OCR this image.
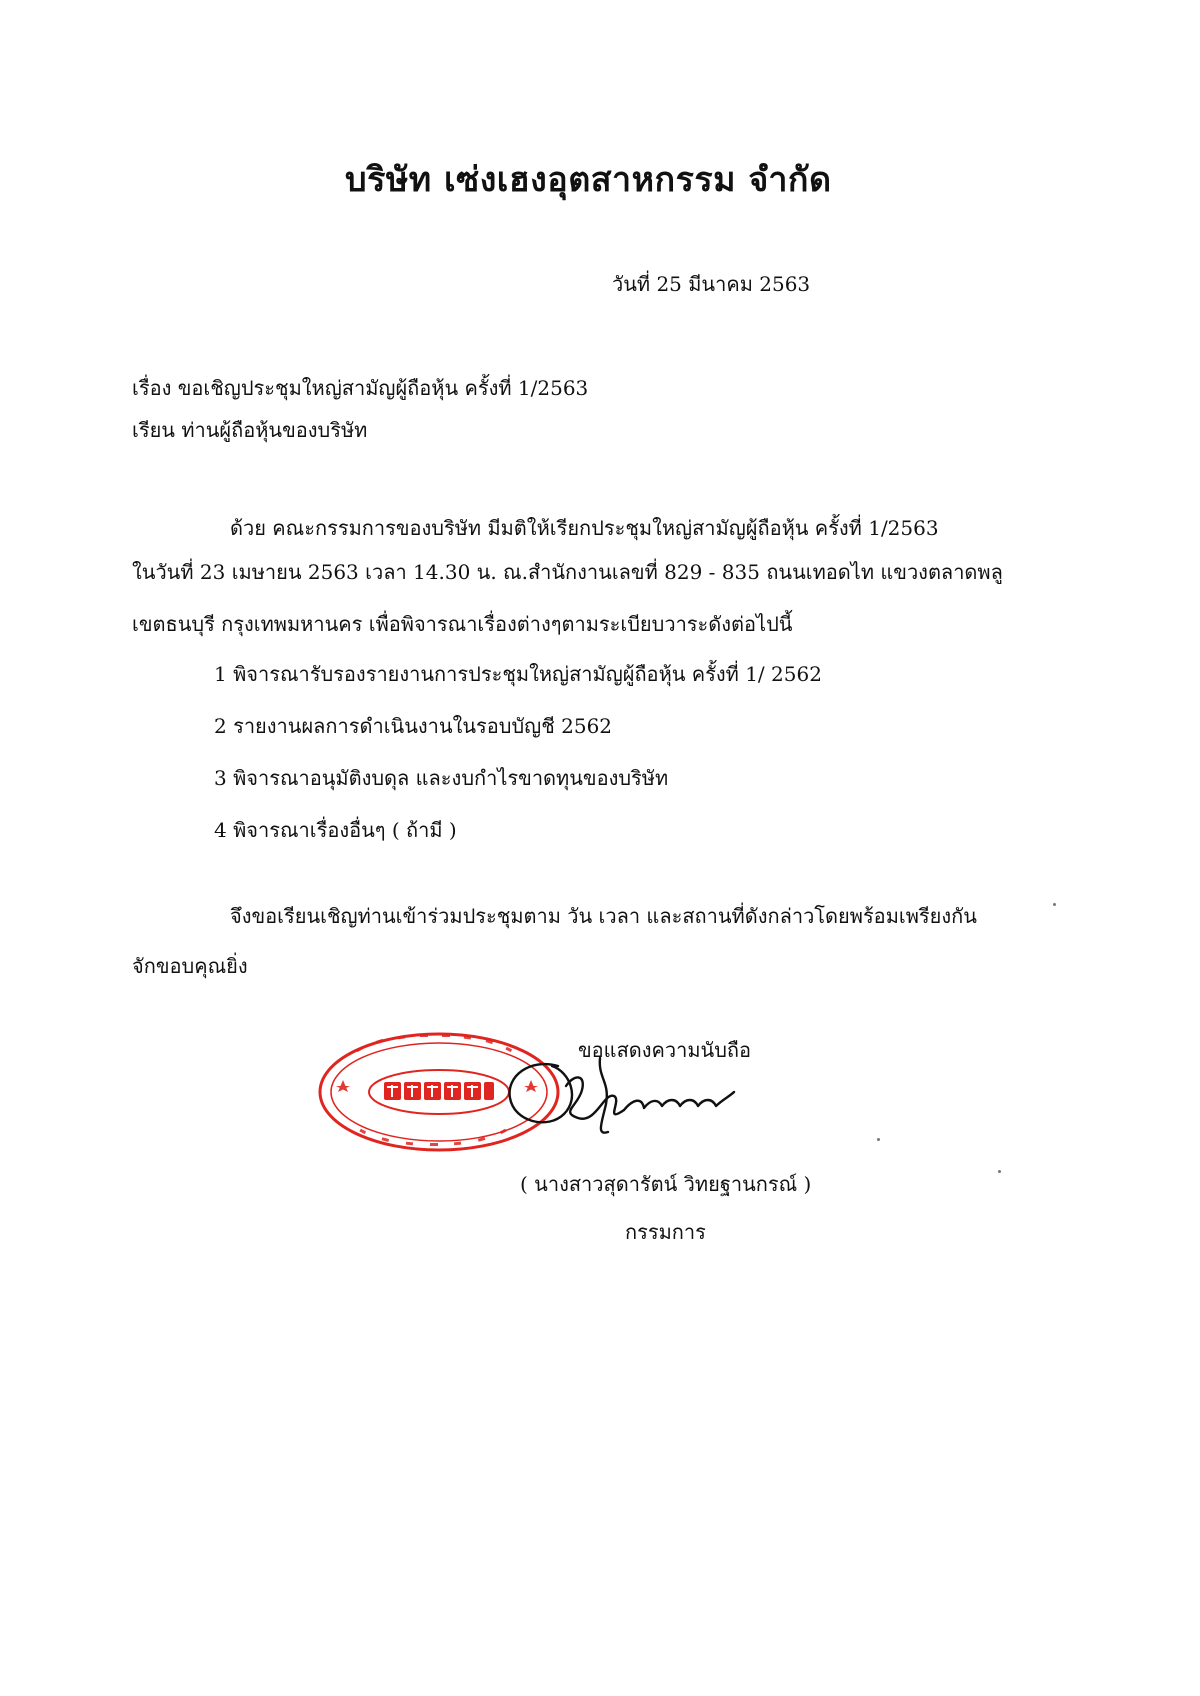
บริษัท เซ่งเฮงอุตสาหกรรม จำกัด
วันที่ 25 มีนาคม 2563
เรื่อง ขอเชิญประชุมใหญ่สามัญผู้ถือหุ้น ครั้งที่ 1/2563
เรียน ท่านผู้ถือหุ้นของบริษัท
ด้วย คณะกรรมการของบริษัท มีมติให้เรียกประชุมใหญ่สามัญผู้ถือหุ้น ครั้งที่ 1/2563
ในวันที่ 23 เมษายน 2563 เวลา 14.30 น. ณ.สำนักงานเลขที่ 829 - 835 ถนนเทอดไท แขวงตลาดพลู
เขตธนบุรี กรุงเทพมหานคร เพื่อพิจารณาเรื่องต่างๆตามระเบียบวาระดังต่อไปนี้
1 พิจารณารับรองรายงานการประชุมใหญ่สามัญผู้ถือหุ้น ครั้งที่ 1/ 2562
2 รายงานผลการดำเนินงานในรอบบัญชี 2562
3 พิจารณาอนุมัติงบดุล และงบกำไรขาดทุนของบริษัท
4 พิจารณาเรื่องอื่นๆ ( ถ้ามี )
จึงขอเรียนเชิญท่านเข้าร่วมประชุมตาม วัน เวลา และสถานที่ดังกล่าวโดยพร้อมเพรียงกัน
จักขอบคุณยิ่ง
ขอแสดงความนับถือ
( นางสาวสุดารัตน์ วิทยฐานกรณ์ )
กรรมการ
